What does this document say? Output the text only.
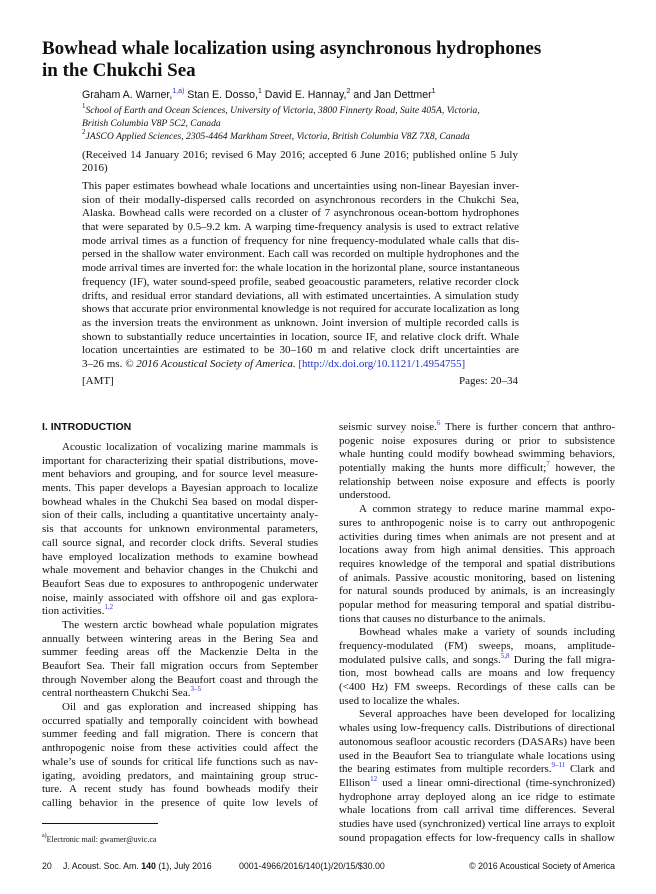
Bowhead whale localization using asynchronous hydrophones
in the Chukchi Sea
Graham A. Warner,$^{1,a)}$ Stan E. Dosso,$^1$ David E. Hannay,$^2$ and Jan Dettmer$^1$
$^1$School of Earth and Ocean Sciences, University of Victoria, 3800 Finnerty Road, Suite 405A, Victoria,
British Columbia V8P 5C2, Canada
$^2$JASCO Applied Sciences, 2305-4464 Markham Street, Victoria, British Columbia V8Z 7X8, Canada
(Received 14 January 2016; revised 6 May 2016; accepted 6 June 2016; published online 5 July
2016)
This paper estimates bowhead whale locations and uncertainties using non-linear Bayesian inver-
sion of their modally-dispersed calls recorded on asynchronous recorders in the Chukchi Sea,
Alaska. Bowhead calls were recorded on a cluster of 7 asynchronous ocean-bottom hydrophones
that were separated by 0.5–9.2 km. A warping time-frequency analysis is used to extract relative
mode arrival times as a function of frequency for nine frequency-modulated whale calls that dis-
persed in the shallow water environment. Each call was recorded on multiple hydrophones and the
mode arrival times are inverted for: the whale location in the horizontal plane, source instantaneous
frequency (IF), water sound-speed profile, seabed geoacoustic parameters, relative recorder clock
drifts, and residual error standard deviations, all with estimated uncertainties. A simulation study
shows that accurate prior environmental knowledge is not required for accurate localization as long
as the inversion treats the environment as unknown. Joint inversion of multiple recorded calls is
shown to substantially reduce uncertainties in location, source IF, and relative clock drift. Whale
location uncertainties are estimated to be 30–160 m and relative clock drift uncertainties are
3–26 ms. © 2016 Acoustical Society of America. [http://dx.doi.org/10.1121/1.4954755]
[AMT]	Pages: 20–34
I. INTRODUCTION
Acoustic localization of vocalizing marine mammals is
important for characterizing their spatial distributions, move-
ment behaviors and grouping, and for source level measure-
ments. This paper develops a Bayesian approach to localize
bowhead whales in the Chukchi Sea based on modal disper-
sion of their calls, including a quantitative uncertainty analy-
sis that accounts for unknown environmental parameters,
call source signal, and recorder clock drifts. Several studies
have employed localization methods to examine bowhead
whale movement and behavior changes in the Chukchi and
Beaufort Seas due to exposures to anthropogenic underwater
noise, mainly associated with offshore oil and gas explora-
tion activities.$^{1,2}$
The western arctic bowhead whale population migrates
annually between wintering areas in the Bering Sea and
summer feeding areas off the Mackenzie Delta in the
Beaufort Sea. Their fall migration occurs from September
through November along the Beaufort coast and through the
central northeastern Chukchi Sea.$^{3-5}$
Oil and gas exploration and increased shipping has
occurred spatially and temporally coincident with bowhead
summer feeding and fall migration. There is concern that
anthropogenic noise from these activities could affect the
whale’s use of sounds for critical life functions such as nav-
igating, avoiding predators, and maintaining group struc-
ture. A recent study has found bowheads modify their
calling behavior in the presence of quite low levels of
seismic survey noise.$^6$ There is further concern that anthro-
pogenic noise exposures during or prior to subsistence
whale hunting could modify bowhead swimming behaviors,
potentially making the hunts more difficult;$^7$ however, the
relationship between noise exposure and effects is poorly
understood.
A common strategy to reduce marine mammal expo-
sures to anthropogenic noise is to carry out anthropogenic
activities during times when animals are not present and at
locations away from high animal densities. This approach
requires knowledge of the temporal and spatial distributions
of animals. Passive acoustic monitoring, based on listening
for natural sounds produced by animals, is an increasingly
popular method for measuring temporal and spatial distribu-
tions that causes no disturbance to the animals.
Bowhead whales make a variety of sounds including
frequency-modulated (FM) sweeps, moans, amplitude-
modulated pulsive calls, and songs.$^{5,8}$ During the fall migra-
tion, most bowhead calls are moans and low frequency
(<400 Hz) FM sweeps. Recordings of these calls can be
used to localize the whales.
Several approaches have been developed for localizing
whales using low-frequency calls. Distributions of directional
autonomous seafloor acoustic recorders (DASARs) have been
used in the Beaufort Sea to triangulate whale locations using
the bearing estimates from multiple recorders.$^{9-11}$ Clark and
Ellison$^{12}$ used a linear omni-directional (time-synchronized)
hydrophone array deployed along an ice ridge to estimate
whale locations from call arrival time differences. Several
studies have used (synchronized) vertical line arrays to exploit
sound propagation effects for low-frequency calls in shallow
$^{a)}$Electronic mail: gwarner@uvic.ca
20 J. Acoust. Soc. Am. 140 (1), July 2016	0001-4966/2016/140(1)/20/15/$30.00	© 2016 Acoustical Society of America
